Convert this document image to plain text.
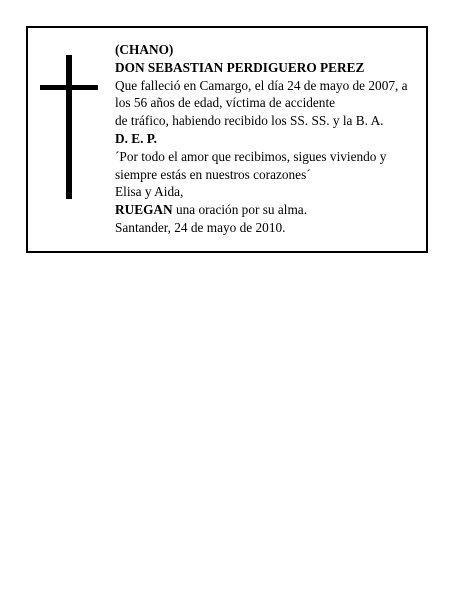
(CHANO)
DON SEBASTIAN PERDIGUERO PEREZ
Que falleció en Camargo, el día 24 de mayo de 2007, a
los 56 años de edad, víctima de accidente
de tráfico, habiendo recibido los SS. SS. y la B. A.
D. E. P.
´Por todo el amor que recibimos, sigues viviendo y
siempre estás en nuestros corazones´
Elisa y Aida,
RUEGAN una oración por su alma.
Santander, 24 de mayo de 2010.
